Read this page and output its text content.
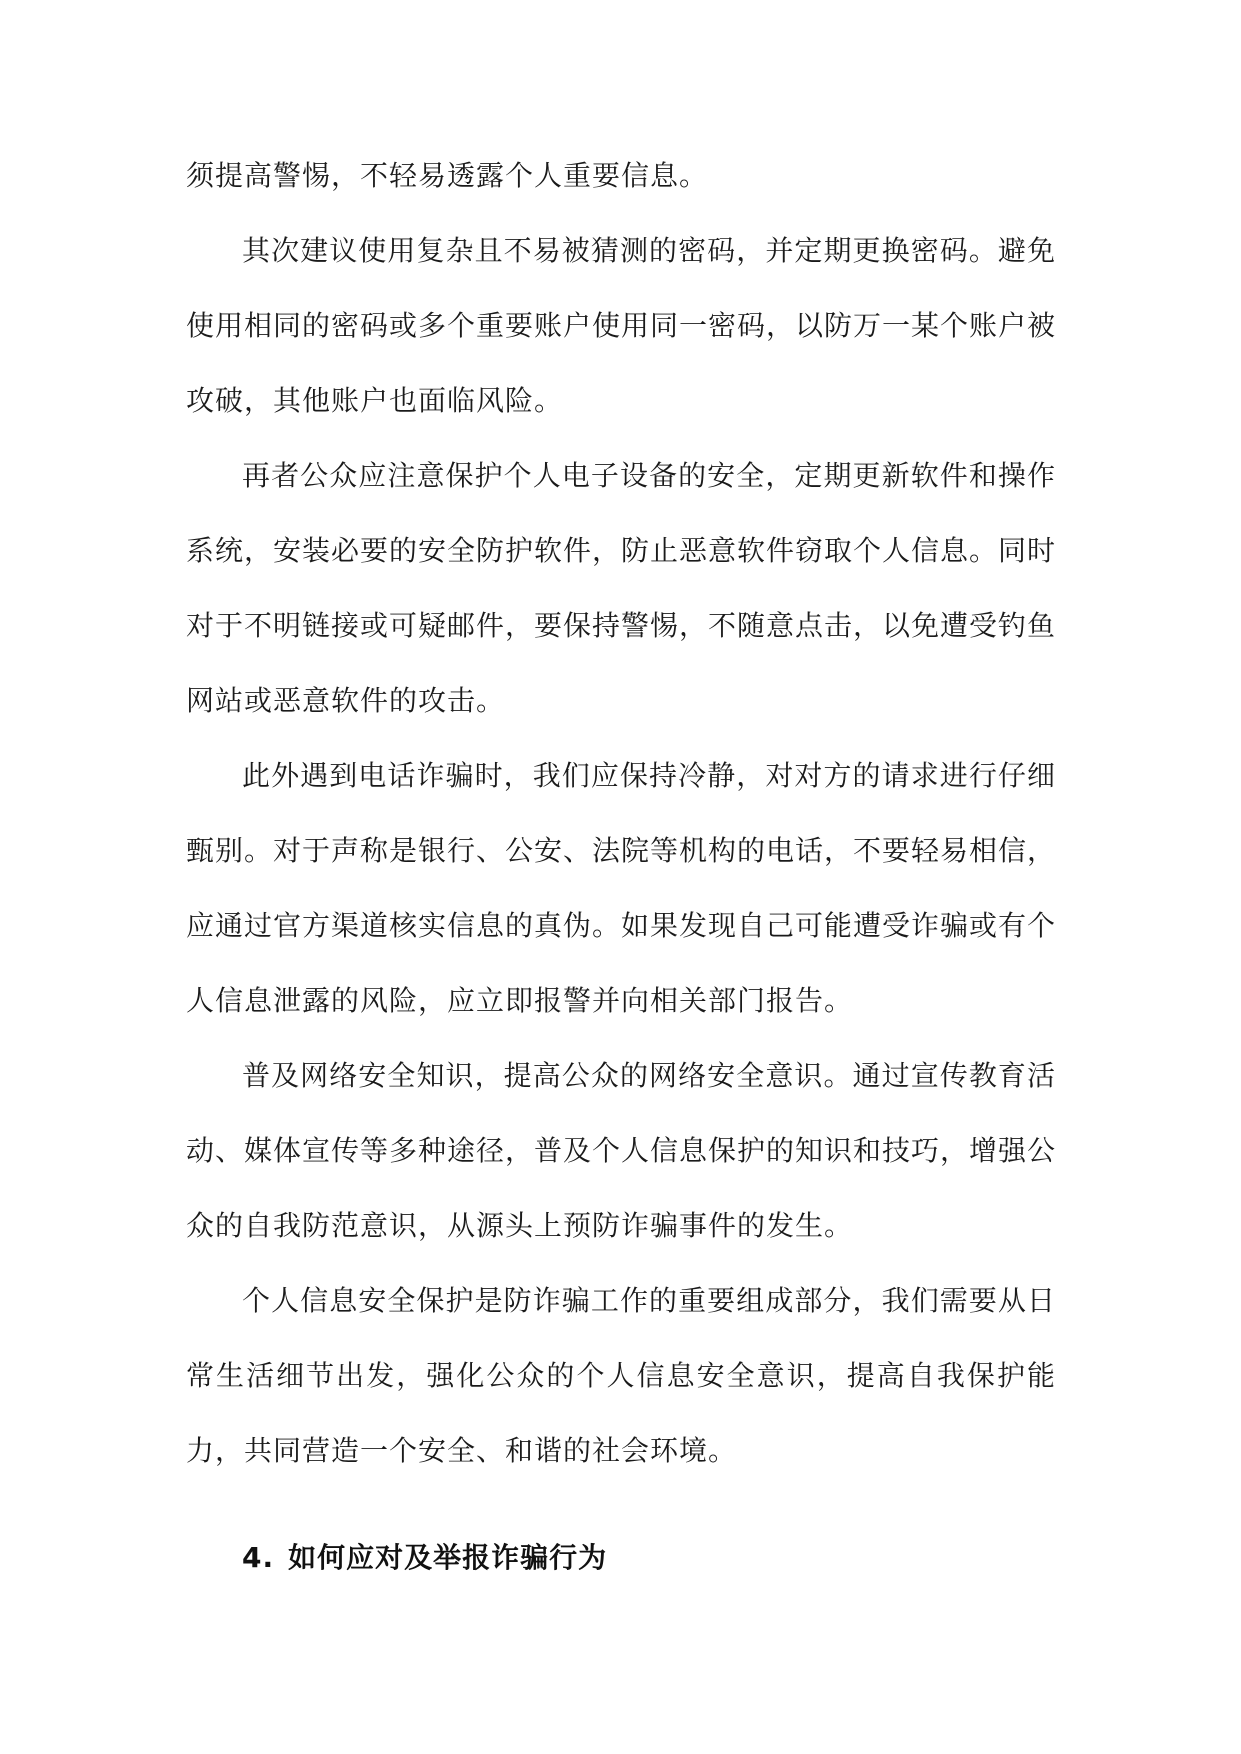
须提高警惕，不轻易透露个人重要信息。

其次建议使用复杂且不易被猜测的密码，并定期更换密码。避免使用相同的密码或多个重要账户使用同一密码，以防万一某个账户被攻破，其他账户也面临风险。

再者公众应注意保护个人电子设备的安全，定期更新软件和操作系统，安装必要的安全防护软件，防止恶意软件窃取个人信息。同时对于不明链接或可疑邮件，要保持警惕，不随意点击，以免遭受钓鱼网站或恶意软件的攻击。

此外遇到电话诈骗时，我们应保持冷静，对对方的请求进行仔细甄别。对于声称是银行、公安、法院等机构的电话，不要轻易相信，应通过官方渠道核实信息的真伪。如果发现自己可能遭受诈骗或有个人信息泄露的风险，应立即报警并向相关部门报告。

普及网络安全知识，提高公众的网络安全意识。通过宣传教育活动、媒体宣传等多种途径，普及个人信息保护的知识和技巧，增强公众的自我防范意识，从源头上预防诈骗事件的发生。

个人信息安全保护是防诈骗工作的重要组成部分，我们需要从日常生活细节出发，强化公众的个人信息安全意识，提高自我保护能力，共同营造一个安全、和谐的社会环境。

4. 如何应对及举报诈骗行为
